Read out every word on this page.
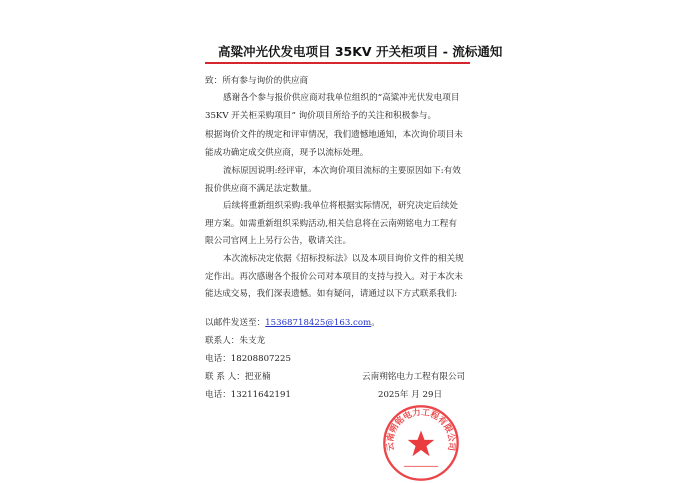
高粱冲光伏发电项目 35KV 开关柜项目 - 流标通知
致：所有参与询价的供应商
感谢各个参与报价供应商对我单位组织的“高粱冲光伏发电项目
35KV 开关柜采购项目” 询价项目所给予的关注和积极参与。
根据询价文件的规定和评审情况，我们遗憾地通知，本次询价项目未
能成功确定成交供应商，现予以流标处理。
流标原因说明:经评审，本次询价项目流标的主要原因如下:有效
报价供应商不满足法定数量。
后续将重新组织采购:我单位将根据实际情况，研究决定后续处
理方案。如需重新组织采购活动,相关信息将在云南朔铭电力工程有
限公司官网上上另行公告，敬请关注。
本次流标决定依据《招标投标法》以及本项目询价文件的相关规
定作出。再次感谢各个报价公司对本项目的支持与投入。对于本次未
能达成交易，我们深表遗憾。如有疑问，请通过以下方式联系我们:
以邮件发送至：15368718425@163.com。
联系人：朱支龙
电话：18208807225
联 系 人：把亚楠
电话：13211642191
云南朔铭电力工程有限公司
2025年 月 29日
云南朔铭电力工程有限公司
